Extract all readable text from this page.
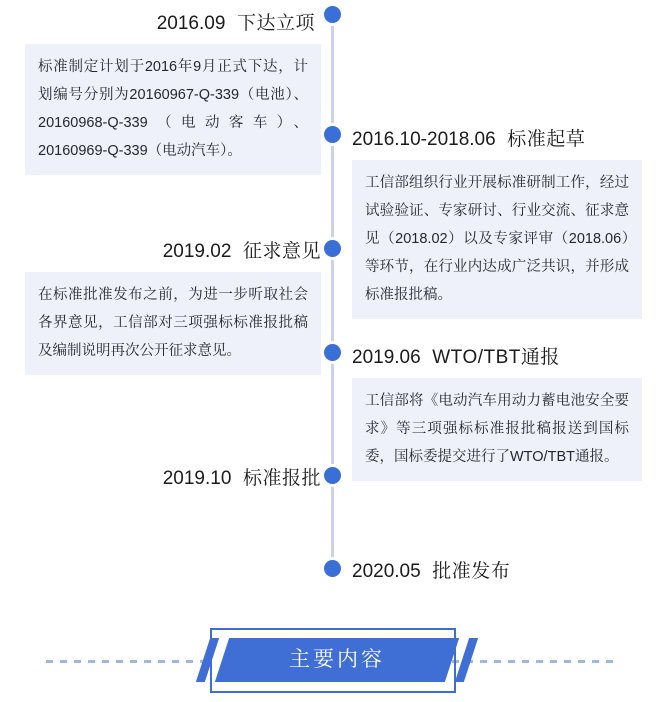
2016.09 下达立项
标准制定计划于2016年9月正式下达，计划编号分别为20160967-Q-339（电池）、20160968-Q-339（电动客车）、20160969-Q-339（电动汽车）。
2016.10-2018.06 标准起草
工信部组织行业开展标准研制工作，经过试验验证、专家研讨、行业交流、征求意见（2018.02）以及专家评审（2018.06）等环节，在行业内达成广泛共识，并形成标准报批稿。
2019.02 征求意见
在标准批准发布之前，为进一步听取社会各界意见，工信部对三项强标标准报批稿及编制说明再次公开征求意见。	2019.06 WTO/TBT通报
工信部将《电动汽车用动力蓄电池安全要求》等三项强标标准报批稿报送到国标委，国标委提交进行了WTO/TBT通报。
2019.10 标准报批
2020.05 批准发布
主要内容
